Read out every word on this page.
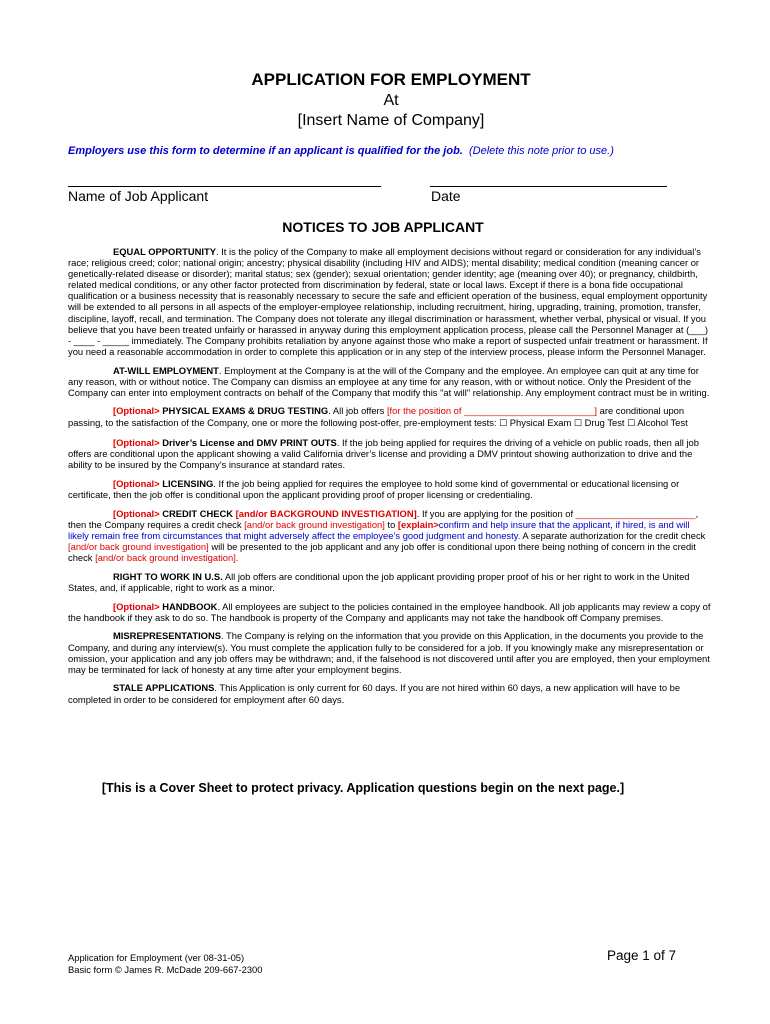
APPLICATION FOR EMPLOYMENT
At
[Insert Name of Company]
Employers use this form to determine if an applicant is qualified for the job. (Delete this note prior to use.)
Name of Job Applicant	Date
NOTICES TO JOB APPLICANT

EQUAL OPPORTUNITY. It is the policy of the Company to make all employment decisions without regard or consideration for any individual’s race; religious creed; color; national origin; ancestry; physical disability (including HIV and AIDS); mental disability; medical condition (meaning cancer or genetically-related disease or disorder); marital status; sex (gender); sexual orientation; gender identity; age (meaning over 40); or pregnancy, childbirth, related medical conditions, or any other factor protected from discrimination by federal, state or local laws. Except if there is a bona fide occupational qualification or a business necessity that is reasonably necessary to secure the safe and efficient operation of the business, equal employment opportunity will be extended to all persons in all aspects of the employer-employee relationship, including recruitment, hiring, upgrading, training, promotion, transfer, discipline, layoff, recall, and termination. The Company does not tolerate any illegal discrimination or harassment, whether verbal, physical or visual. If you believe that you have been treated unfairly or harassed in anyway during this employment application process, please call the Personnel Manager at (___) - ____ - _____ immediately. The Company prohibits retaliation by anyone against those who make a report of suspected unfair treatment or harassment. If you need a reasonable accommodation in order to complete this application or in any step of the interview process, please inform the Personnel Manager.

AT-WILL EMPLOYMENT. Employment at the Company is at the will of the Company and the employee. An employee can quit at any time for any reason, with or without notice. The Company can dismiss an employee at any time for any reason, with or without notice. Only the President of the Company can enter into employment contracts on behalf of the Company that modify this "at will" relationship. Any employment contract must be in writing.

[Optional> PHYSICAL EXAMS & DRUG TESTING. All job offers [for the position of _________________________] are conditional upon passing, to the satisfaction of the Company, one or more the following post-offer, pre-employment tests: ☐ Physical Exam ☐ Drug Test ☐ Alcohol Test

[Optional> Driver’s License and DMV PRINT OUTS. If the job being applied for requires the driving of a vehicle on public roads, then all job offers are conditional upon the applicant showing a valid California driver’s license and providing a DMV printout showing authorization to drive and the ability to be insured by the Company’s insurance at standard rates.

[Optional> LICENSING. If the job being applied for requires the employee to hold some kind of governmental or educational licensing or certificate, then the job offer is conditional upon the applicant providing proof of proper licensing or credentialing.

[Optional> CREDIT CHECK [and/or BACKGROUND INVESTIGATION]. If you are applying for the position of _______________________, then the Company requires a credit check [and/or back ground investigation] to [explain>confirm and help insure that the applicant, if hired, is and will likely remain free from circumstances that might adversely affect the employee’s good judgment and honesty. A separate authorization for the credit check [and/or back ground investigation] will be presented to the job applicant and any job offer is conditional upon there being nothing of concern in the credit check [and/or back ground investigation].

RIGHT TO WORK IN U.S. All job offers are conditional upon the job applicant providing proper proof of his or her right to work in the United States, and, if applicable, right to work as a minor.

[Optional> HANDBOOK. All employees are subject to the policies contained in the employee handbook. All job applicants may review a copy of the handbook if they ask to do so. The handbook is property of the Company and applicants may not take the handbook off Company premises.

MISREPRESENTATIONS. The Company is relying on the information that you provide on this Application, in the documents you provide to the Company, and during any interview(s). You must complete the application fully to be considered for a job. If you knowingly make any misrepresentation or omission, your application and any job offers may be withdrawn; and, if the falsehood is not discovered until after you are employed, then your employment may be terminated for lack of honesty at any time after your employment begins.

STALE APPLICATIONS. This Application is only current for 60 days. If you are not hired within 60 days, a new application will have to be completed in order to be considered for employment after 60 days.

[This is a Cover Sheet to protect privacy. Application questions begin on the next page.]
Application for Employment (ver 08-31-05)
Basic form © James R. McDade 209-667-2300
Page 1 of 7
